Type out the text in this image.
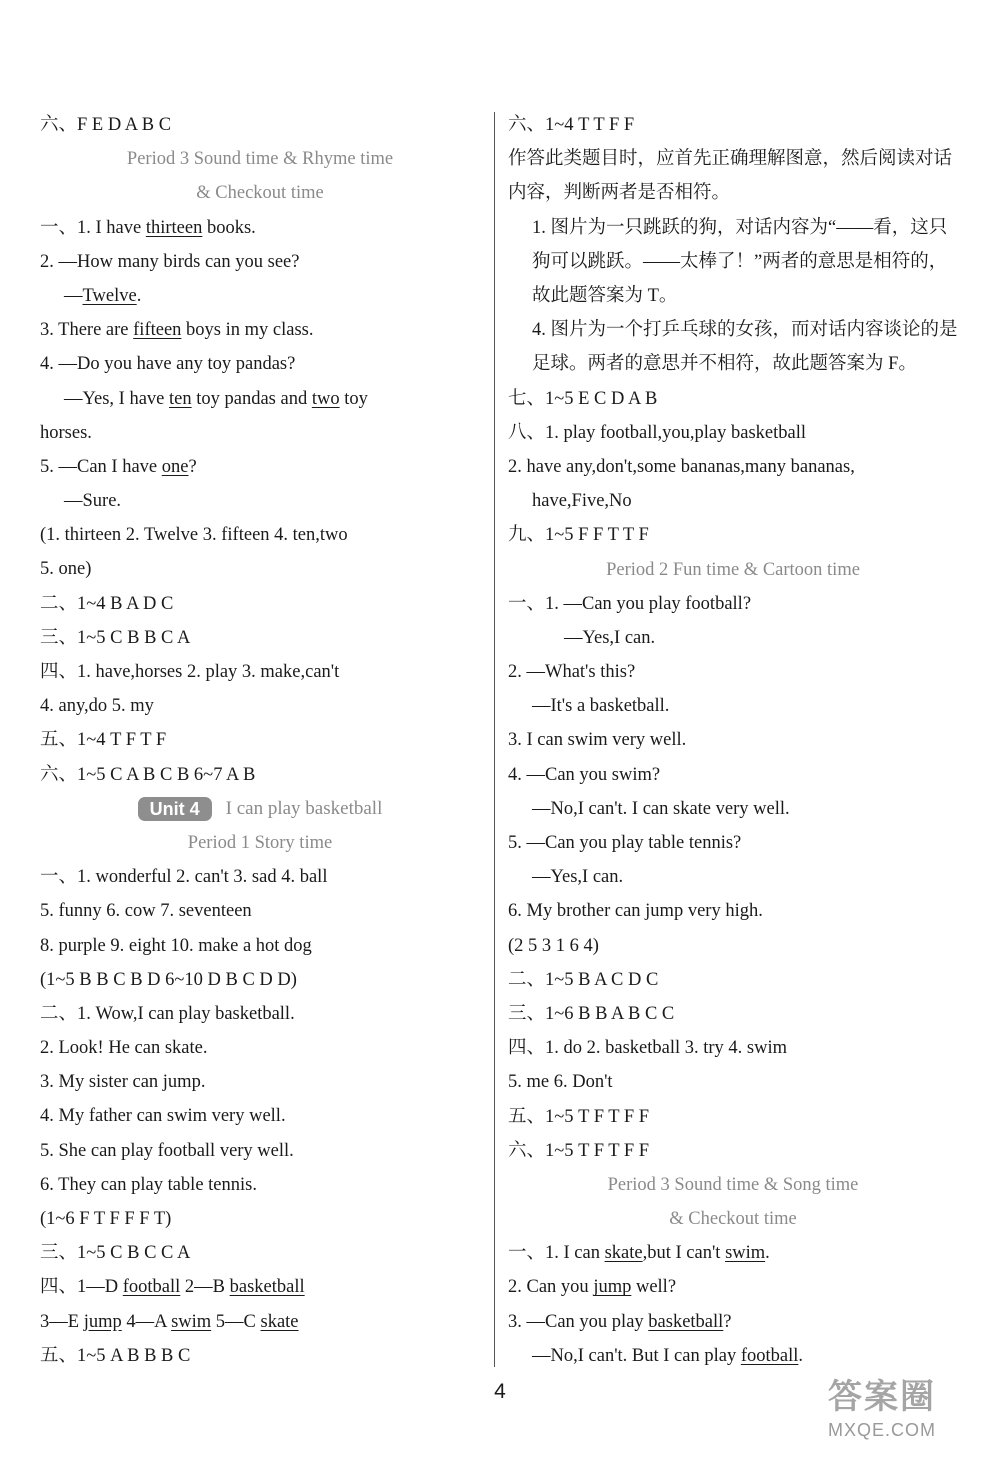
六、F E D A B C
Period 3 Sound time & Rhyme time
& Checkout time
一、1. I have thirteen books.
2. —How many birds can you see?
—Twelve.
3. There are fifteen boys in my class.
4. —Do you have any toy pandas?
—Yes, I have ten toy pandas and two toy
horses.
5. —Can I have one?
—Sure.
(1. thirteen 2. Twelve 3. fifteen 4. ten,two
5. one)
二、1~4 B A D C
三、1~5 C B B C A
四、1. have,horses 2. play 3. make,can't
4. any,do 5. my
五、1~4 T F T F
六、1~5 C A B C B 6~7 A B
Unit 4 I can play basketball
Period 1 Story time
一、1. wonderful 2. can't 3. sad 4. ball
5. funny 6. cow 7. seventeen
8. purple 9. eight 10. make a hot dog
(1~5 B B C B D 6~10 D B C D D)
二、1. Wow,I can play basketball.
2. Look! He can skate.
3. My sister can jump.
4. My father can swim very well.
5. She can play football very well.
6. They can play table tennis.
(1~6 F T F F F T)
三、1~5 C B C C A
四、1—D football 2—B basketball
3—E jump 4—A swim 5—C skate
五、1~5 A B B B C
六、1~4 T T F F
作答此类题目时，应首先正确理解图意，然后阅读对话内容，判断两者是否相符。
1. 图片为一只跳跃的狗，对话内容为“——看，这只狗可以跳跃。——太棒了！”两者的意思是相符的，故此题答案为 T。
4. 图片为一个打乒乓球的女孩，而对话内容谈论的是足球。两者的意思并不相符，故此题答案为 F。
七、1~5 E C D A B
八、1. play football,you,play basketball
2. have any,don't,some bananas,many bananas,
have,Five,No
九、1~5 F F T T F
Period 2 Fun time & Cartoon time
一、1. —Can you play football?
—Yes,I can.
2. —What's this?
—It's a basketball.
3. I can swim very well.
4. —Can you swim?
—No,I can't. I can skate very well.
5. —Can you play table tennis?
—Yes,I can.
6. My brother can jump very high.
(2 5 3 1 6 4)
二、1~5 B A C D C
三、1~6 B B A B C C
四、1. do 2. basketball 3. try 4. swim
5. me 6. Don't
五、1~5 T F T F F
六、1~5 T F T F F
Period 3 Sound time & Song time
& Checkout time
一、1. I can skate,but I can't swim.
2. Can you jump well?
3. —Can you play basketball?
—No,I can't. But I can play football.
4	答案圈
MXQE.COM
